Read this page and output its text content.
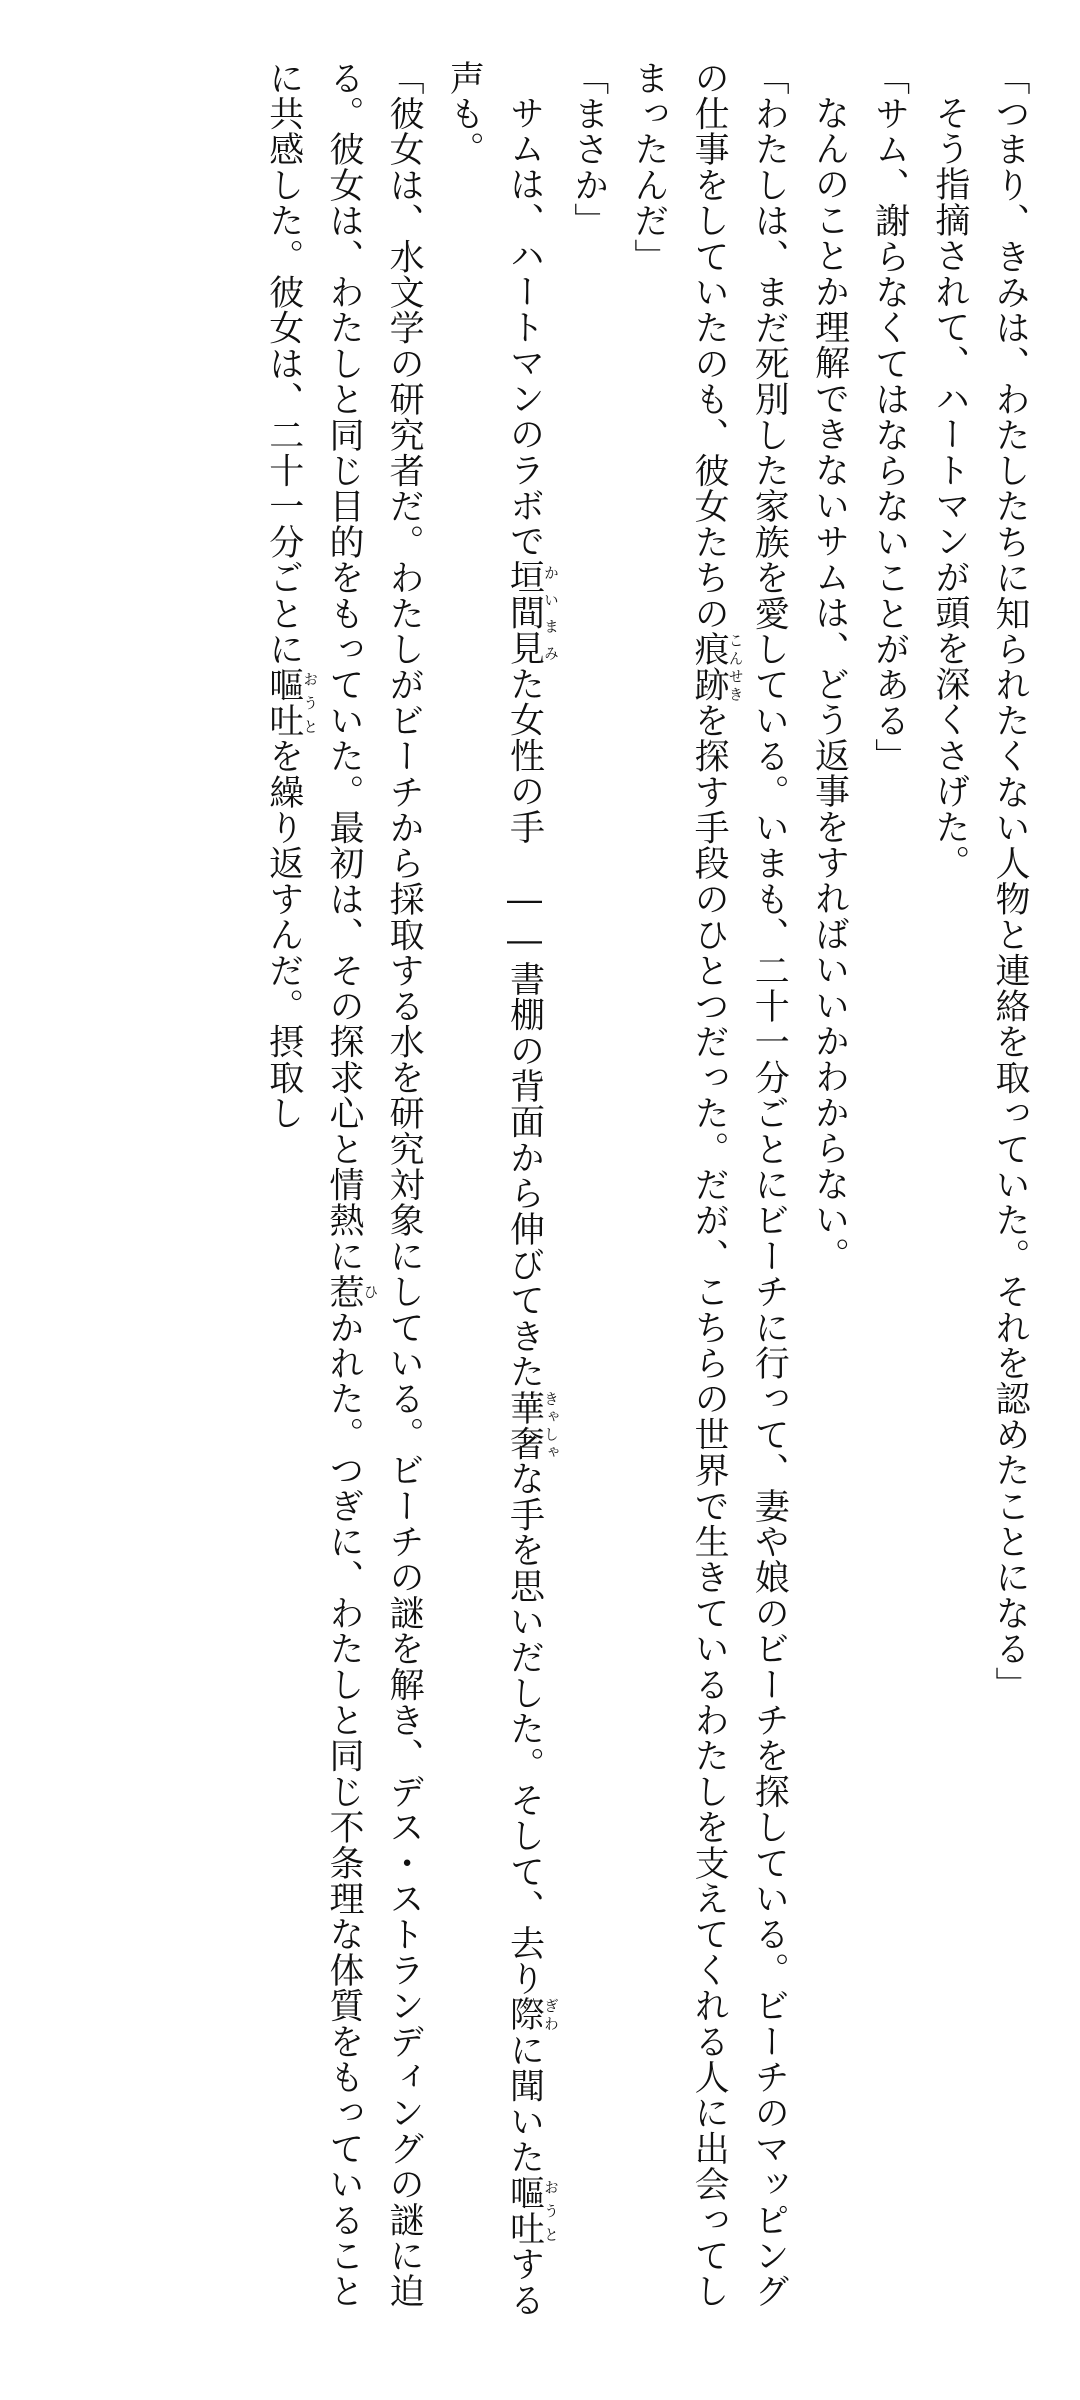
「つまり、きみは、わたしたちに知られたくない人物と連絡を取っていた。それを認めたことになる」

そう指摘されて、ハートマンが頭を深くさげた。

「サム、謝らなくてはならないことがある」

なんのことか理解できないサムは、どう返事をすればいいかわからない。

「わたしは、まだ死別した家族を愛している。いまも、二十一分ごとにビーチに行って、妻や娘のビーチを探している。ビーチのマッピングの仕事をしていたのも、彼女たちの痕跡こんせきを探す手段のひとつだった。だが、こちらの世界で生きているわたしを支えてくれる人に出会ってしまったんだ」

「まさか」

サムは、ハートマンのラボで垣間見かいまみた女性の手――書棚の背面から伸びてきた華奢きゃしゃな手を思いだした。そして、去り際ぎわに聞いた嘔吐おうとする声も。

「彼女は、水文学の研究者だ。わたしがビーチから採取する水を研究対象にしている。ビーチの謎を解き、デス・ストランディングの謎に迫る。彼女は、わたしと同じ目的をもっていた。最初は、その探求心と情熱に惹ひかれた。つぎに、わたしと同じ不条理な体質をもっていることに共感した。彼女は、二十一分ごとに嘔吐おうとを繰り返すんだ。摂取し
